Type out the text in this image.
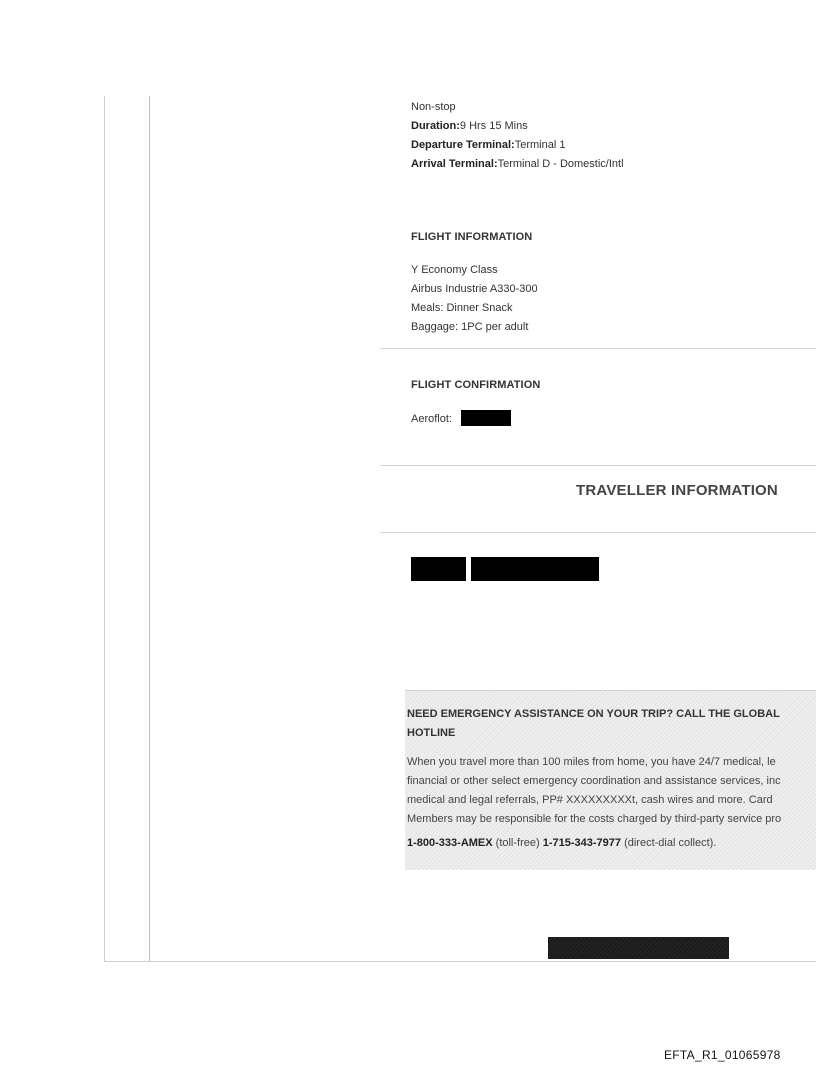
Non-stop
Duration:9 Hrs 15 Mins
Departure Terminal:Terminal 1
Arrival Terminal:Terminal D - Domestic/Intl
FLIGHT INFORMATION
Y Economy Class
Airbus Industrie A330-300
Meals: Dinner Snack
Baggage: 1PC per adult
FLIGHT CONFIRMATION
Aeroflot:
TRAVELLER INFORMATION
NEED EMERGENCY ASSISTANCE ON YOUR TRIP? CALL THE GLOBAL
HOTLINE
When you travel more than 100 miles from home, you have 24/7 medical, le
financial or other select emergency coordination and assistance services, inc
medical and legal referrals, PP# XXXXXXXXXt, cash wires and more. Card
Members may be responsible for the costs charged by third-party service pro
1-800-333-AMEX (toll-free) 1-715-343-7977 (direct-dial collect).
EFTA_R1_01065978
